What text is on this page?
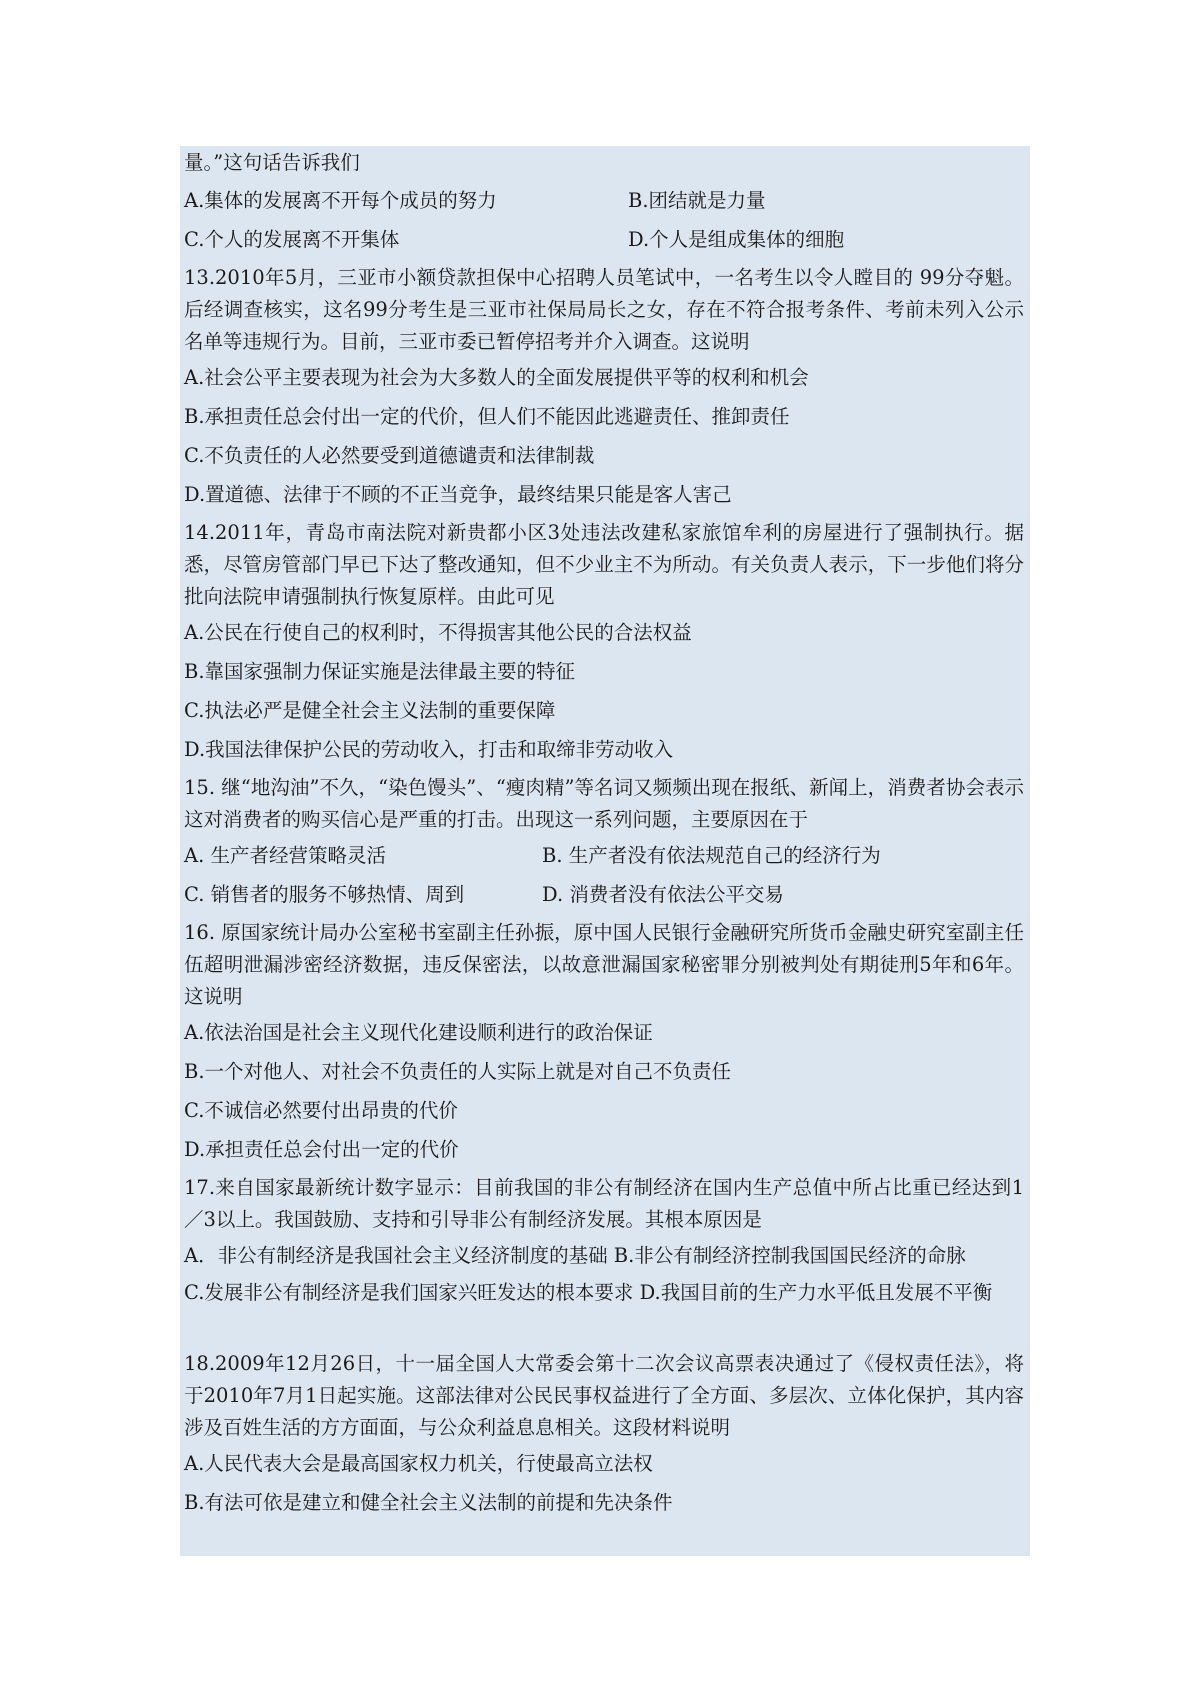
量。”这句话告诉我们
A.集体的发展离不开每个成员的努力	B.团结就是力量
C.个人的发展离不开集体	D.个人是组成集体的细胞
13.2010年5月，三亚市小额贷款担保中心招聘人员笔试中，一名考生以令人瞠目的 99分夺魁。后经调查核实，这名99分考生是三亚市社保局局长之女，存在不符合报考条件、考前未列入公示名单等违规行为。目前，三亚市委已暂停招考并介入调查。这说明
A.社会公平主要表现为社会为大多数人的全面发展提供平等的权利和机会
B.承担责任总会付出一定的代价，但人们不能因此逃避责任、推卸责任
C.不负责任的人必然要受到道德谴责和法律制裁
D.置道德、法律于不顾的不正当竞争，最终结果只能是客人害己
14.2011年，青岛市南法院对新贵都小区3处违法改建私家旅馆牟利的房屋进行了强制执行。据悉，尽管房管部门早已下达了整改通知，但不少业主不为所动。有关负责人表示，下一步他们将分批向法院申请强制执行恢复原样。由此可见
A.公民在行使自己的权利时，不得损害其他公民的合法权益
B.靠国家强制力保证实施是法律最主要的特征
C.执法必严是健全社会主义法制的重要保障
D.我国法律保护公民的劳动收入，打击和取缔非劳动收入
15. 继“地沟油”不久，“染色馒头”、“瘦肉精”等名词又频频出现在报纸、新闻上，消费者协会表示这对消费者的购买信心是严重的打击。出现这一系列问题，主要原因在于
A. 生产者经营策略灵活	B. 生产者没有依法规范自己的经济行为
C. 销售者的服务不够热情、周到	D. 消费者没有依法公平交易
16. 原国家统计局办公室秘书室副主任孙振，原中国人民银行金融研究所货币金融史研究室副主任伍超明泄漏涉密经济数据，违反保密法，以故意泄漏国家秘密罪分别被判处有期徒刑5年和6年。这说明
A.依法治国是社会主义现代化建设顺利进行的政治保证
B.一个对他人、对社会不负责任的人实际上就是对自己不负责任
C.不诚信必然要付出昂贵的代价
D.承担责任总会付出一定的代价
17.来自国家最新统计数字显示：目前我国的非公有制经济在国内生产总值中所占比重已经达到1／3以上。我国鼓励、支持和引导非公有制经济发展。其根本原因是
A．非公有制经济是我国社会主义经济制度的基础 B.非公有制经济控制我国国民经济的命脉
C.发展非公有制经济是我们国家兴旺发达的根本要求 D.我国目前的生产力水平低且发展不平衡
18.2009年12月26日，十一届全国人大常委会第十二次会议高票表决通过了《侵权责任法》，将于2010年7月1日起实施。这部法律对公民民事权益进行了全方面、多层次、立体化保护，其内容涉及百姓生活的方方面面，与公众利益息息相关。这段材料说明
A.人民代表大会是最高国家权力机关，行使最高立法权
B.有法可依是建立和健全社会主义法制的前提和先决条件
